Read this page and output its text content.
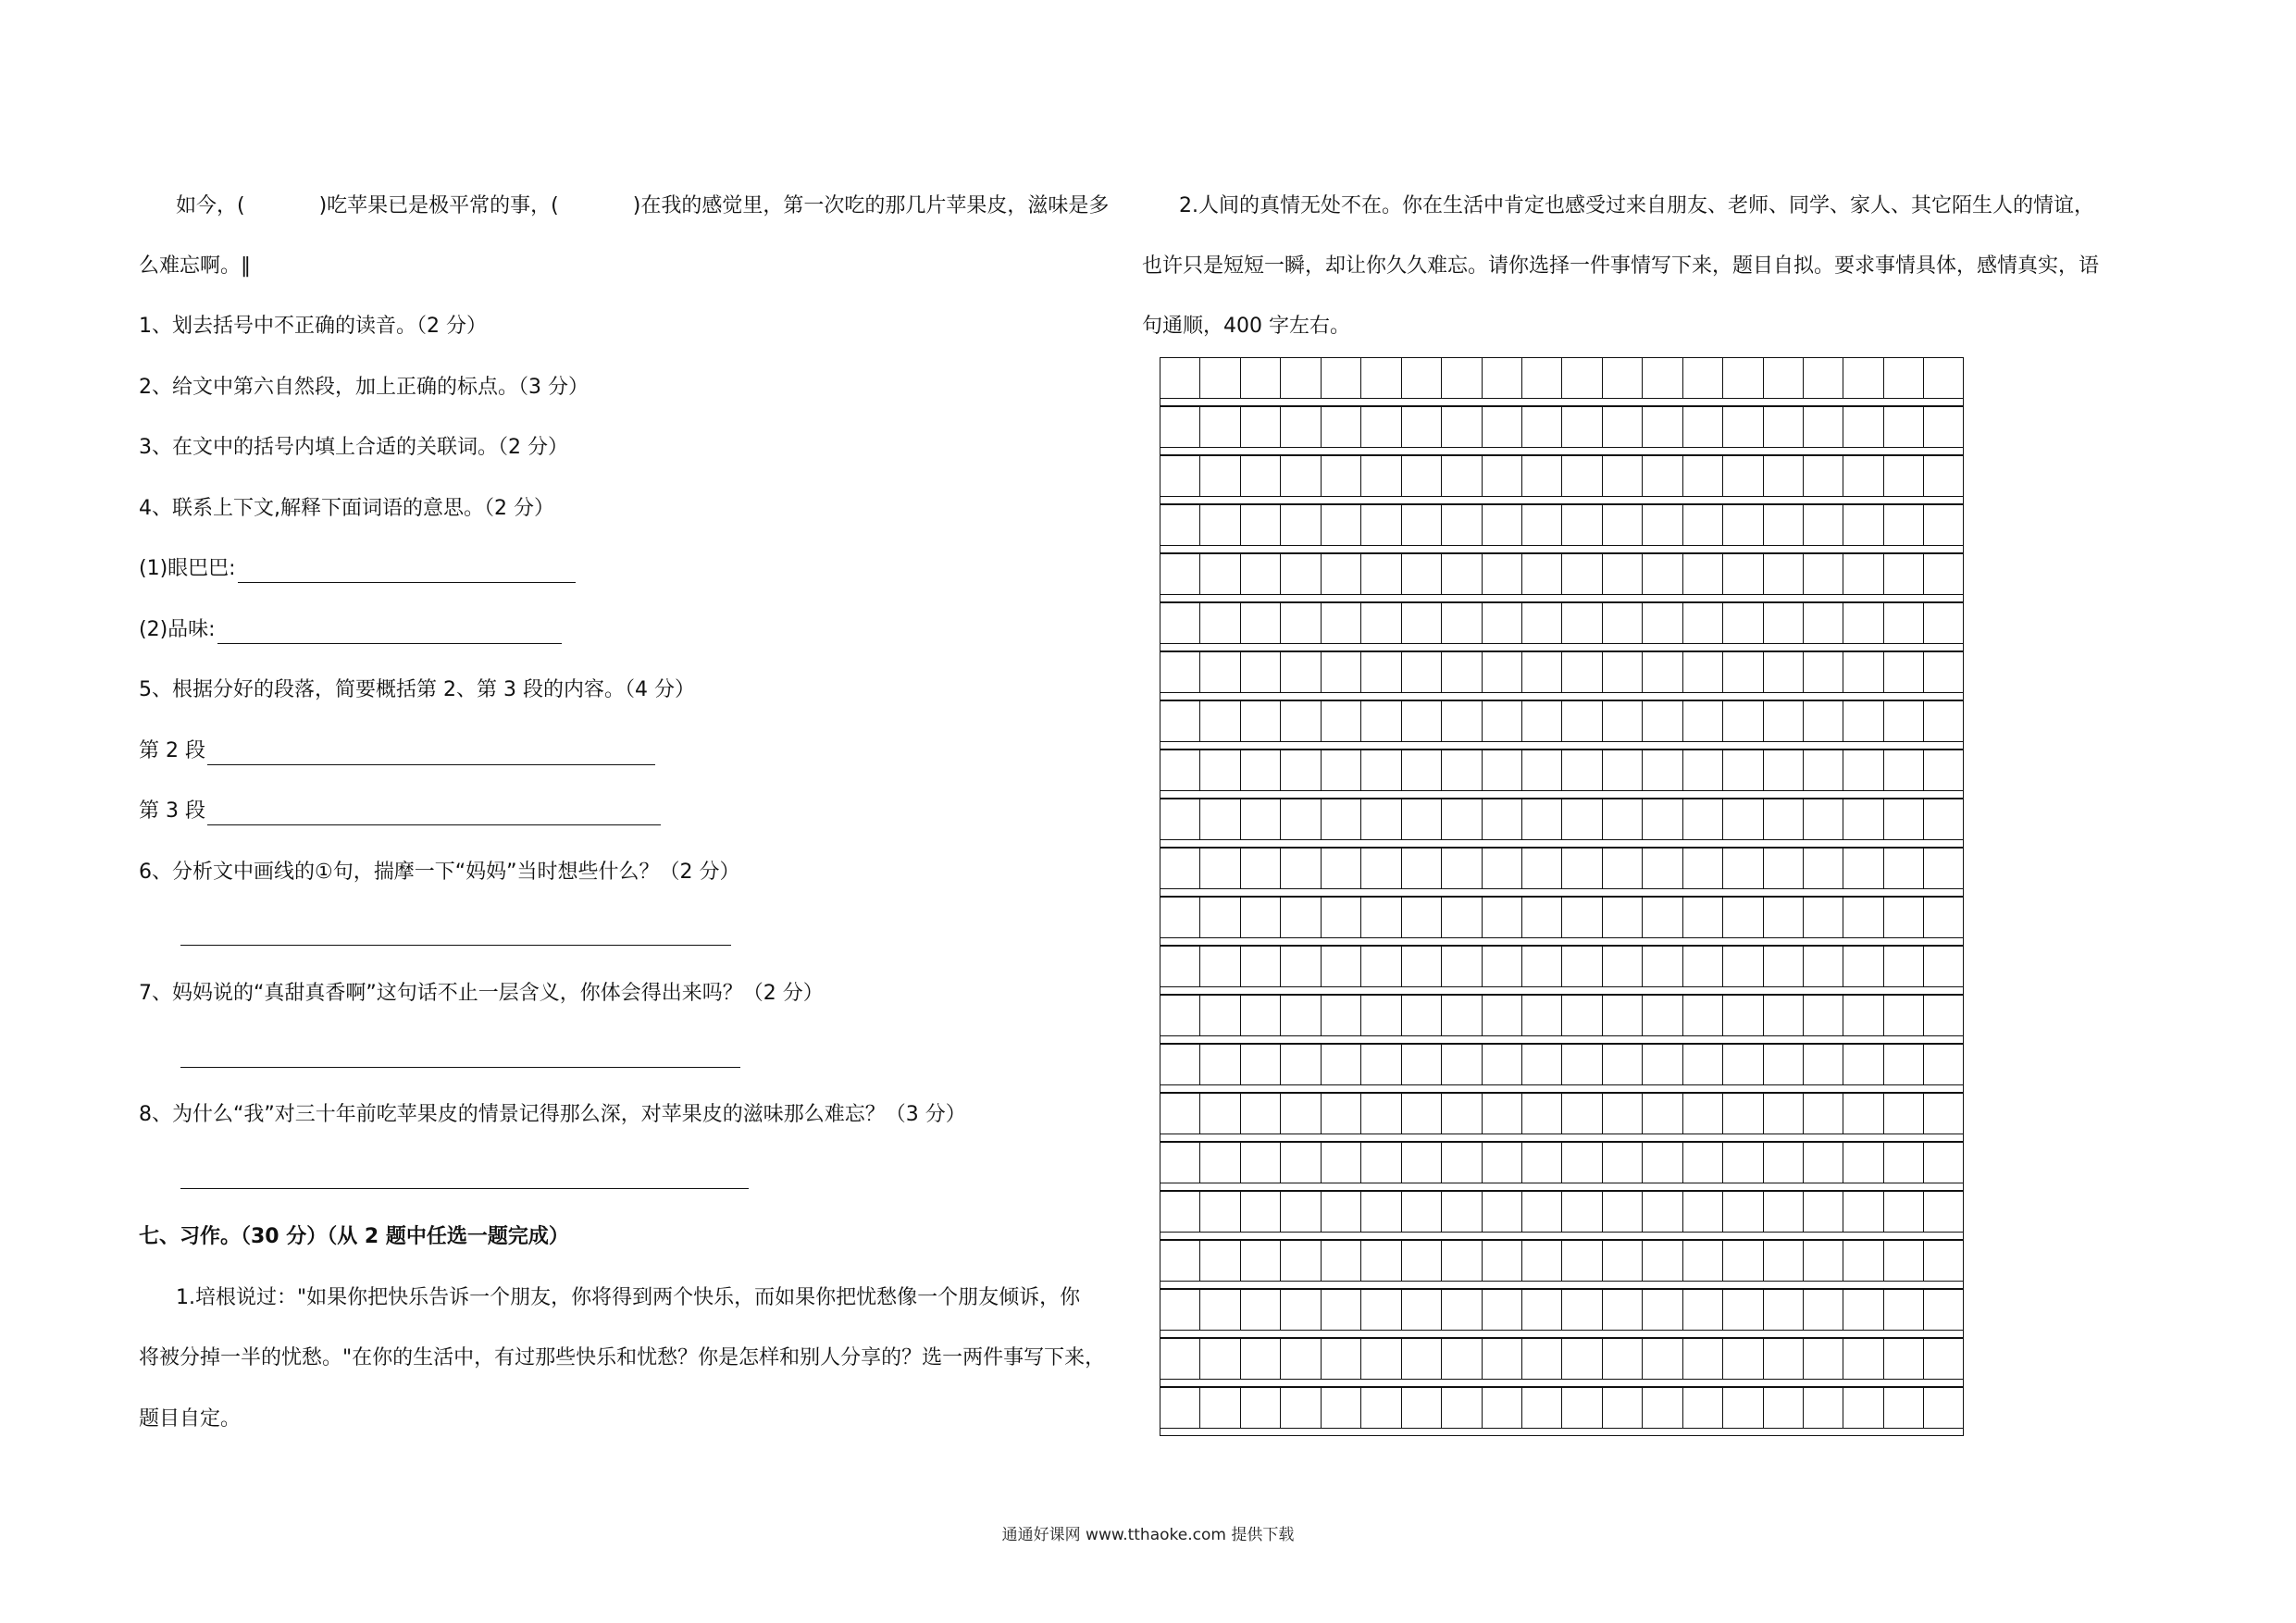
如今，(	)吃苹果已是极平常的事，(	)在我的感觉里，第一次吃的那几片苹果皮，滋味是多
么难忘啊。‖
1、划去括号中不正确的读音。（2 分）
2、给文中第六自然段，加上正确的标点。（3 分）
3、在文中的括号内填上合适的关联词。（2 分）
4、联系上下文,解释下面词语的意思。（2 分）
(1)眼巴巴:
(2)品味:
5、根据分好的段落，简要概括第 2、第 3 段的内容。（4 分）
第 2 段
第 3 段
6、分析文中画线的①句，揣摩一下“妈妈”当时想些什么？（2 分）
7、妈妈说的“真甜真香啊”这句话不止一层含义，你体会得出来吗？（2 分）
8、为什么“我”对三十年前吃苹果皮的情景记得那么深，对苹果皮的滋味那么难忘？（3 分）
七、习作。（30 分）（从 2 题中任选一题完成）
1.培根说过："如果你把快乐告诉一个朋友，你将得到两个快乐，而如果你把忧愁像一个朋友倾诉，你
将被分掉一半的忧愁。"在你的生活中，有过那些快乐和忧愁？你是怎样和别人分享的？选一两件事写下来，
题目自定。
2.人间的真情无处不在。你在生活中肯定也感受过来自朋友、老师、同学、家人、其它陌生人的情谊，
也许只是短短一瞬，却让你久久难忘。请你选择一件事情写下来，题目自拟。要求事情具体，感情真实，语
句通顺，400 字左右。
通通好课网 www.tthaoke.com 提供下载
